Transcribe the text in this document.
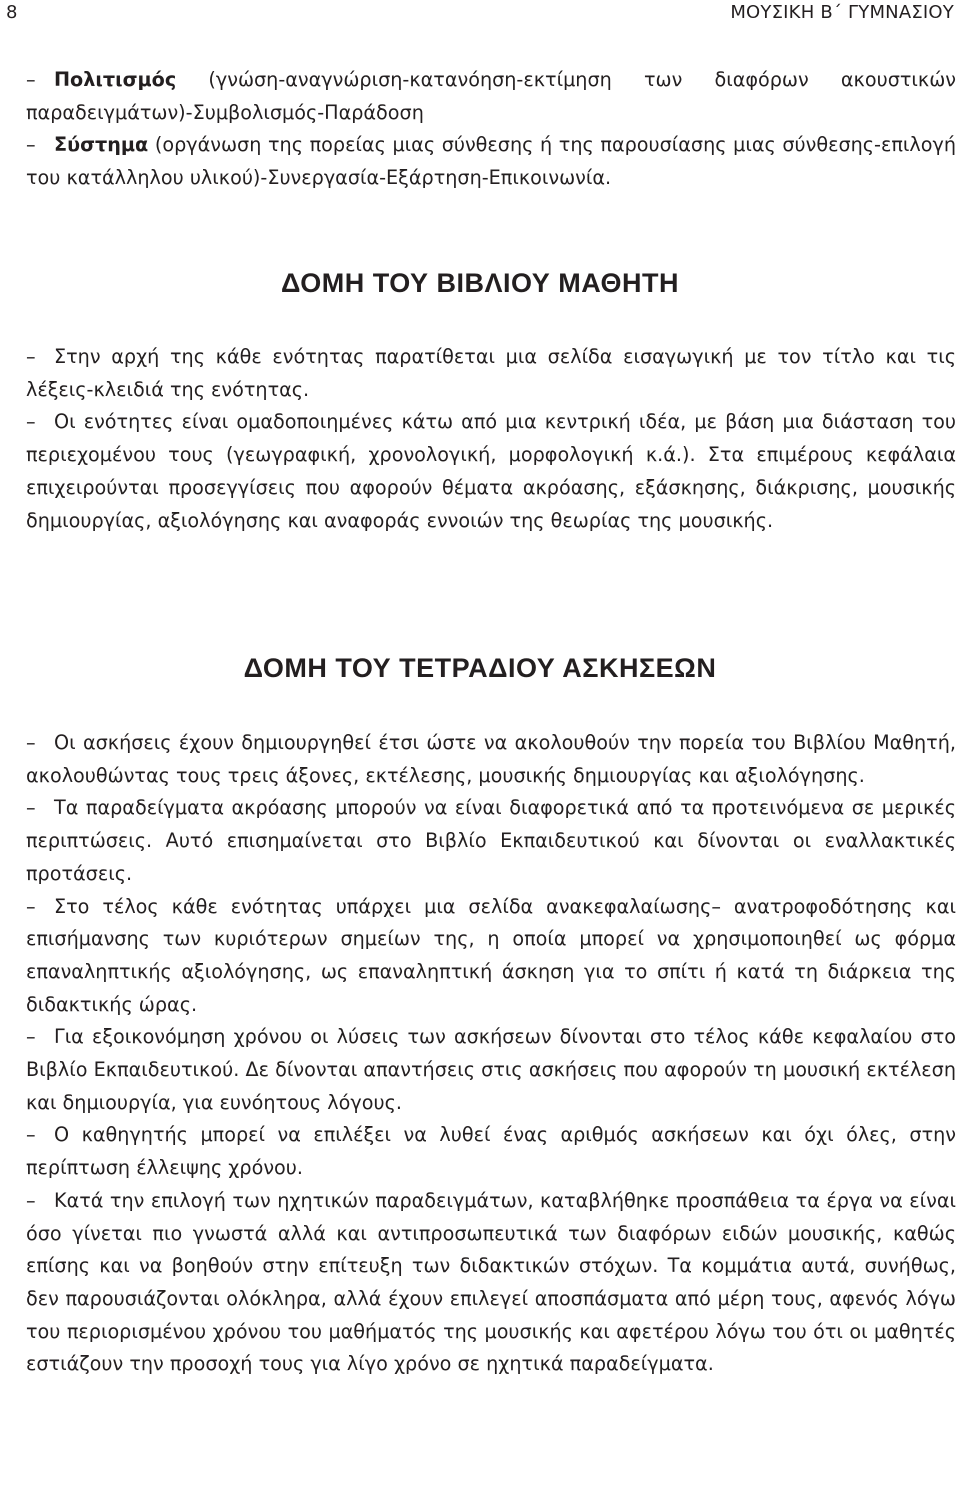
8	ΜΟΥΣΙΚΗ Β΄ ΓΥΜΝΑΣΙΟΥ

– Πολιτισμός (γνώση-αναγνώριση-κατανόηση-εκτίμηση των διαφόρων ακουστικών παραδειγμάτων)-Συμβολισμός-Παράδοση

– Σύστημα (οργάνωση της πορείας μιας σύνθεσης ή της παρουσίασης μιας σύνθεσης-επιλογή του κατάλληλου υλικού)-Συνεργασία-Εξάρτηση-Επικοινωνία.

ΔΟΜΗ ΤΟΥ ΒΙΒΛΙΟΥ ΜΑΘΗΤΗ

– Στην αρχή της κάθε ενότητας παρατίθεται μια σελίδα εισαγωγική με τον τίτλο και τις λέξεις-κλειδιά της ενότητας.

– Οι ενότητες είναι ομαδοποιημένες κάτω από μια κεντρική ιδέα, με βάση μια διάσταση του περιεχομένου τους (γεωγραφική, χρονολογική, μορφολογική κ.ά.). Στα επιμέρους κεφάλαια επιχειρούνται προσεγγίσεις που αφορούν θέματα ακρόασης, εξάσκησης, διάκρισης, μουσικής δημιουργίας, αξιολόγησης και αναφοράς εννοιών της θεωρίας της μουσικής.

ΔΟΜΗ ΤΟΥ ΤΕΤΡΑΔΙΟΥ ΑΣΚΗΣΕΩΝ

– Οι ασκήσεις έχουν δημιουργηθεί έτσι ώστε να ακολουθούν την πορεία του Βιβλίου Μαθητή, ακολουθώντας τους τρεις άξονες, εκτέλεσης, μουσικής δημιουργίας και αξιολόγησης.

– Τα παραδείγματα ακρόασης μπορούν να είναι διαφορετικά από τα προτεινόμενα σε μερικές περιπτώσεις. Αυτό επισημαίνεται στο Βιβλίο Εκπαιδευτικού και δίνονται οι εναλλακτικές προτάσεις.

– Στο τέλος κάθε ενότητας υπάρχει μια σελίδα ανακεφαλαίωσης– ανατροφοδότησης και επισήμανσης των κυριότερων σημείων της, η οποία μπορεί να χρησιμοποιηθεί ως φόρμα επαναληπτικής αξιολόγησης, ως επαναληπτική άσκηση για το σπίτι ή κατά τη διάρκεια της διδακτικής ώρας.

– Για εξοικονόμηση χρόνου οι λύσεις των ασκήσεων δίνονται στο τέλος κάθε κεφαλαίου στο Βιβλίο Εκπαιδευτικού. Δε δίνονται απαντήσεις στις ασκήσεις που αφορούν τη μουσική εκτέλεση και δημιουργία, για ευνόητους λόγους.

– Ο καθηγητής μπορεί να επιλέξει να λυθεί ένας αριθμός ασκήσεων και όχι όλες, στην περίπτωση έλλειψης χρόνου.

– Κατά την επιλογή των ηχητικών παραδειγμάτων, καταβλήθηκε προσπάθεια τα έργα να είναι όσο γίνεται πιο γνωστά αλλά και αντιπροσωπευτικά των διαφόρων ειδών μουσικής, καθώς επίσης και να βοηθούν στην επίτευξη των διδακτικών στόχων. Τα κομμάτια αυτά, συνήθως, δεν παρουσιάζονται ολόκληρα, αλλά έχουν επιλεγεί αποσπάσματα από μέρη τους, αφενός λόγω του περιορισμένου χρόνου του μαθήματός της μουσικής και αφετέρου λόγω του ότι οι μαθητές εστιάζουν την προσοχή τους για λίγο χρόνο σε ηχητικά παραδείγματα.
